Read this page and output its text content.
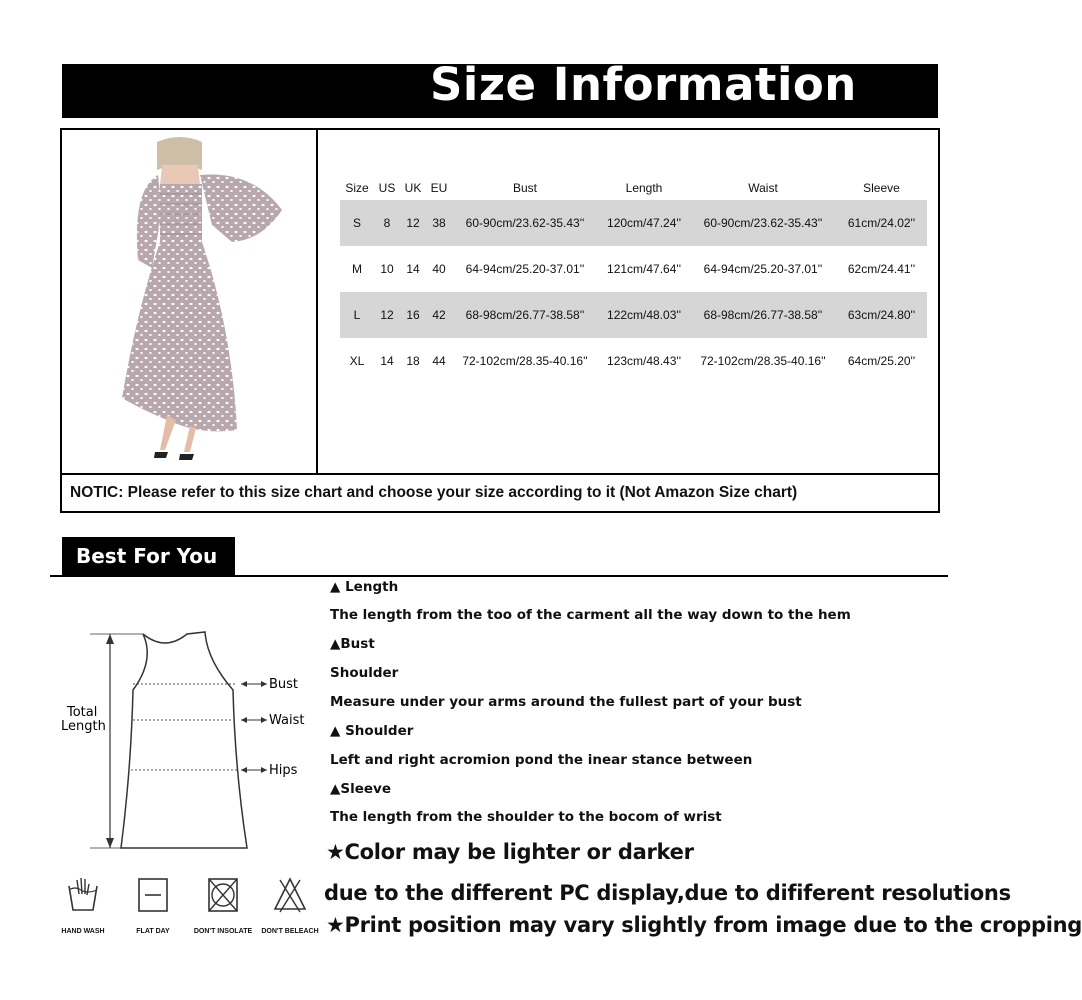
Size Information
Size	US	UK	EU	Bust	Length	Waist	Sleeve
S	8	12	38	60-90cm/23.62-35.43''	120cm/47.24''	60-90cm/23.62-35.43''	61cm/24.02''
M	10	14	40	64-94cm/25.20-37.01''	121cm/47.64''	64-94cm/25.20-37.01''	62cm/24.41''
L	12	16	42	68-98cm/26.77-38.58''	122cm/48.03''	68-98cm/26.77-38.58''	63cm/24.80''
XL	14	18	44	72-102cm/28.35-40.16''	123cm/48.43''	72-102cm/28.35-40.16''	64cm/25.20''
NOTIC: Please refer to this size chart and choose your size according to it (Not Amazon Size chart)
Best For You
Bust
Waist
Hips
Total
Length
▲ Length
The length from the too of the carment all the way down to the hem
▲Bust
Shoulder
Measure under your arms around the fullest part of your bust
▲ Shoulder
Left and right acromion pond the inear stance between
▲Sleeve
The length from the shoulder to the bocom of wrist
★Color may be lighter or darker
due to the different PC display,due to dififerent resolutions
★Print position may vary slightly from image due to the cropping
HAND WASH	FLAT DAY	DON'T INSOLATE	DON'T BELEACH
